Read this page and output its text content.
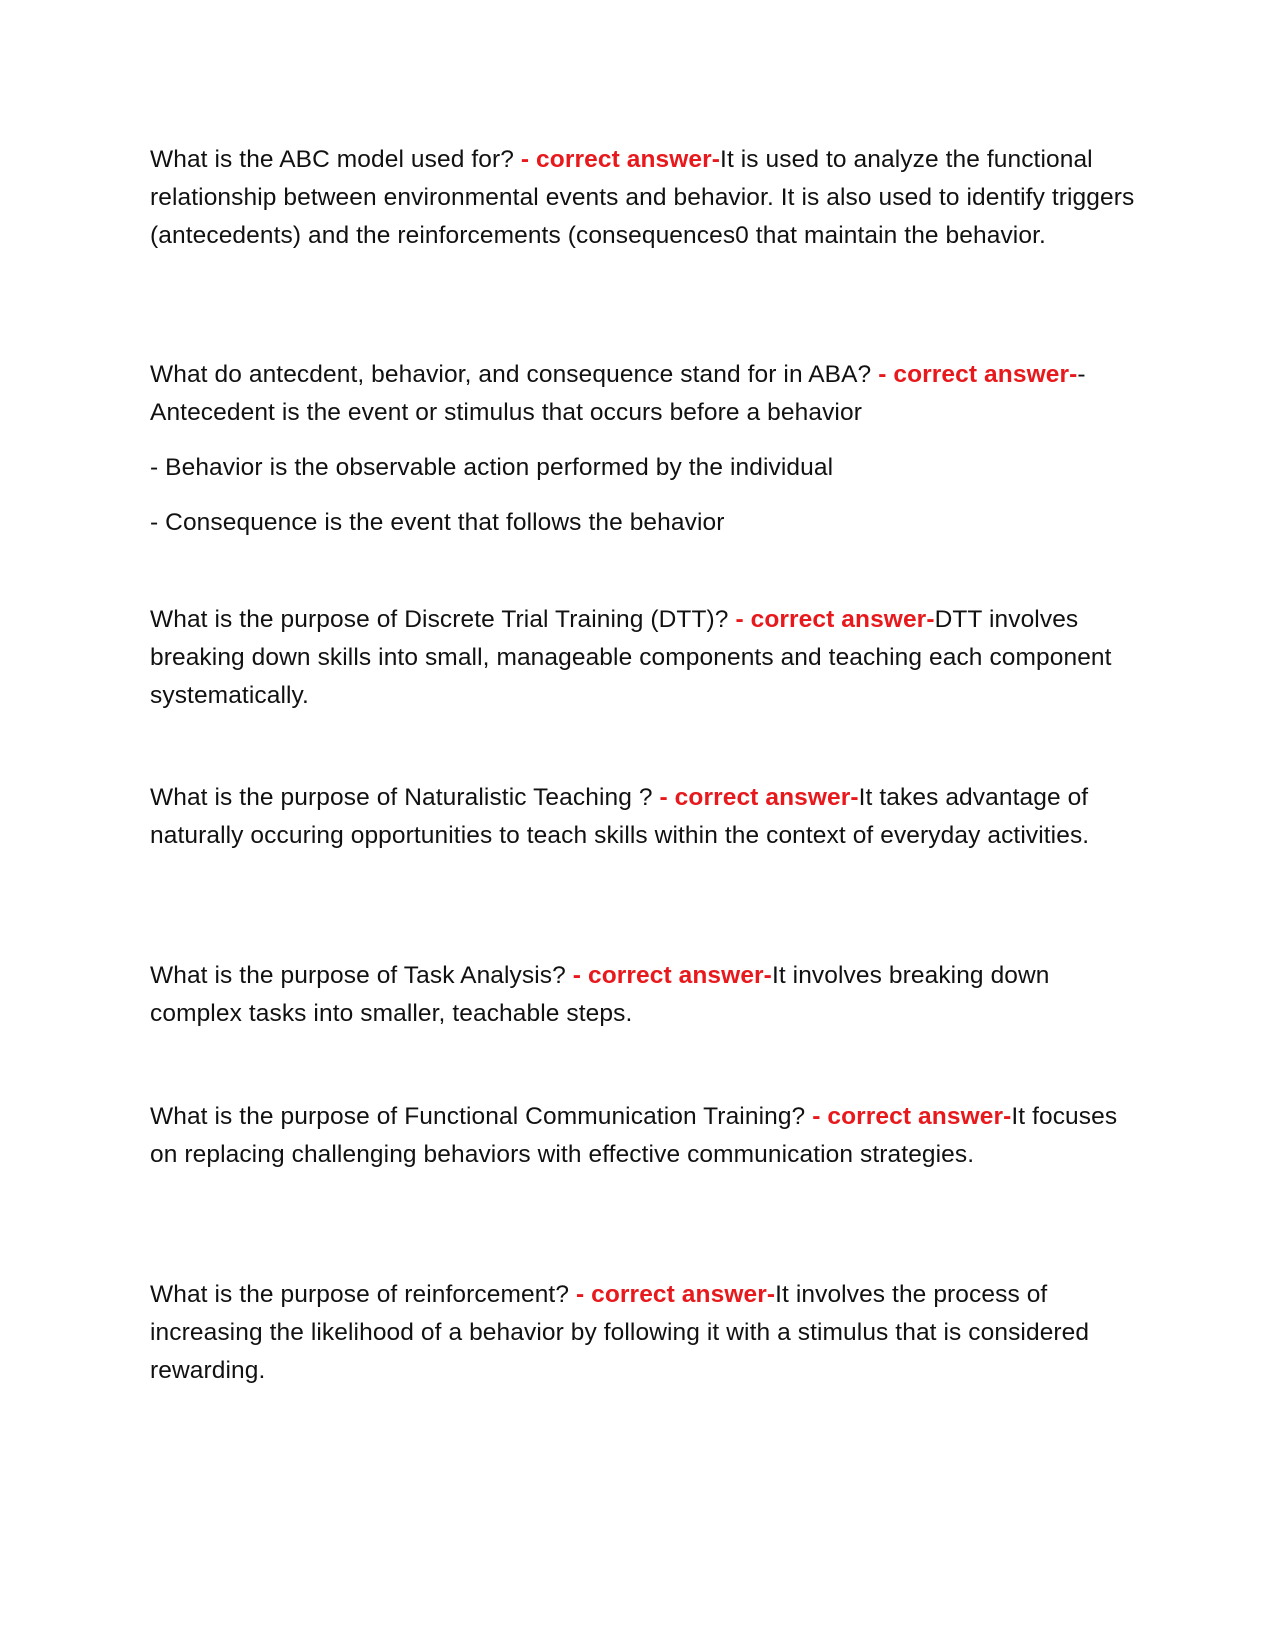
What is the ABC model used for? - correct answer-It is used to analyze the functional relationship between environmental events and behavior. It is also used to identify triggers (antecedents) and the reinforcements (consequences0 that maintain the behavior.

What do antecdent, behavior, and consequence stand for in ABA? - correct answer-- Antecedent is the event or stimulus that occurs before a behavior

- Behavior is the observable action performed by the individual

- Consequence is the event that follows the behavior

What is the purpose of Discrete Trial Training (DTT)? - correct answer-DTT involves breaking down skills into small, manageable components and teaching each component systematically.

What is the purpose of Naturalistic Teaching ? - correct answer-It takes advantage of naturally occuring opportunities to teach skills within the context of everyday activities.

What is the purpose of Task Analysis? - correct answer-It involves breaking down complex tasks into smaller, teachable steps.

What is the purpose of Functional Communication Training? - correct answer-It focuses on replacing challenging behaviors with effective communication strategies.

What is the purpose of reinforcement? - correct answer-It involves the process of increasing the likelihood of a behavior by following it with a stimulus that is considered rewarding.
